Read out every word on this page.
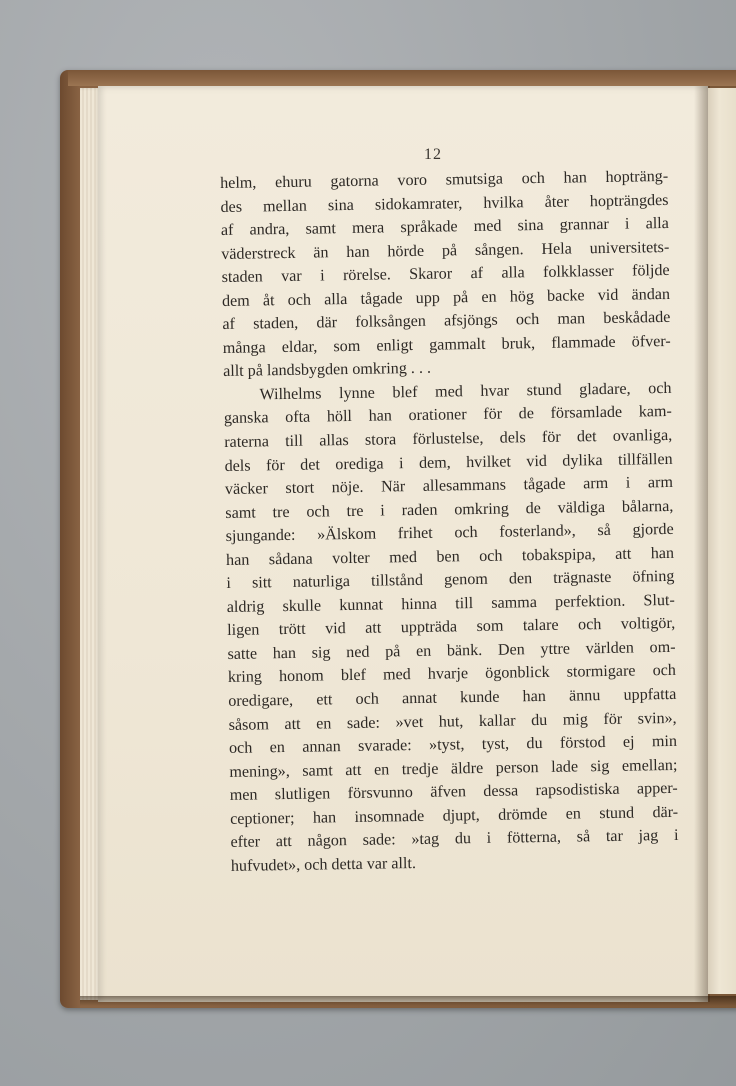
12
helm, ehuru gatorna voro smutsiga och han hopträng-
des mellan sina sidokamrater, hvilka åter hopträngdes
af andra, samt mera språkade med sina grannar i alla
väderstreck än han hörde på sången. Hela universitets-
staden var i rörelse. Skaror af alla folkklasser följde
dem åt och alla tågade upp på en hög backe vid ändan
af staden, där folksången afsjöngs och man beskådade
många eldar, som enligt gammalt bruk, flammade öfver-
allt på landsbygden omkring . . .
Wilhelms lynne blef med hvar stund gladare, och
ganska ofta höll han orationer för de församlade kam-
raterna till allas stora förlustelse, dels för det ovanliga,
dels för det orediga i dem, hvilket vid dylika tillfällen
väcker stort nöje. När allesammans tågade arm i arm
samt tre och tre i raden omkring de väldiga bålarna,
sjungande: »Älskom frihet och fosterland», så gjorde
han sådana volter med ben och tobakspipa, att han
i sitt naturliga tillstånd genom den trägnaste öfning
aldrig skulle kunnat hinna till samma perfektion. Slut-
ligen trött vid att uppträda som talare och voltigör,
satte han sig ned på en bänk. Den yttre världen om-
kring honom blef med hvarje ögonblick stormigare och
oredigare, ett och annat kunde han ännu uppfatta
såsom att en sade: »vet hut, kallar du mig för svin»,
och en annan svarade: »tyst, tyst, du förstod ej min
mening», samt att en tredje äldre person lade sig emellan;
men slutligen försvunno äfven dessa rapsodistiska apper-
ceptioner; han insomnade djupt, drömde en stund där-
efter att någon sade: »tag du i fötterna, så tar jag i
hufvudet», och detta var allt.
